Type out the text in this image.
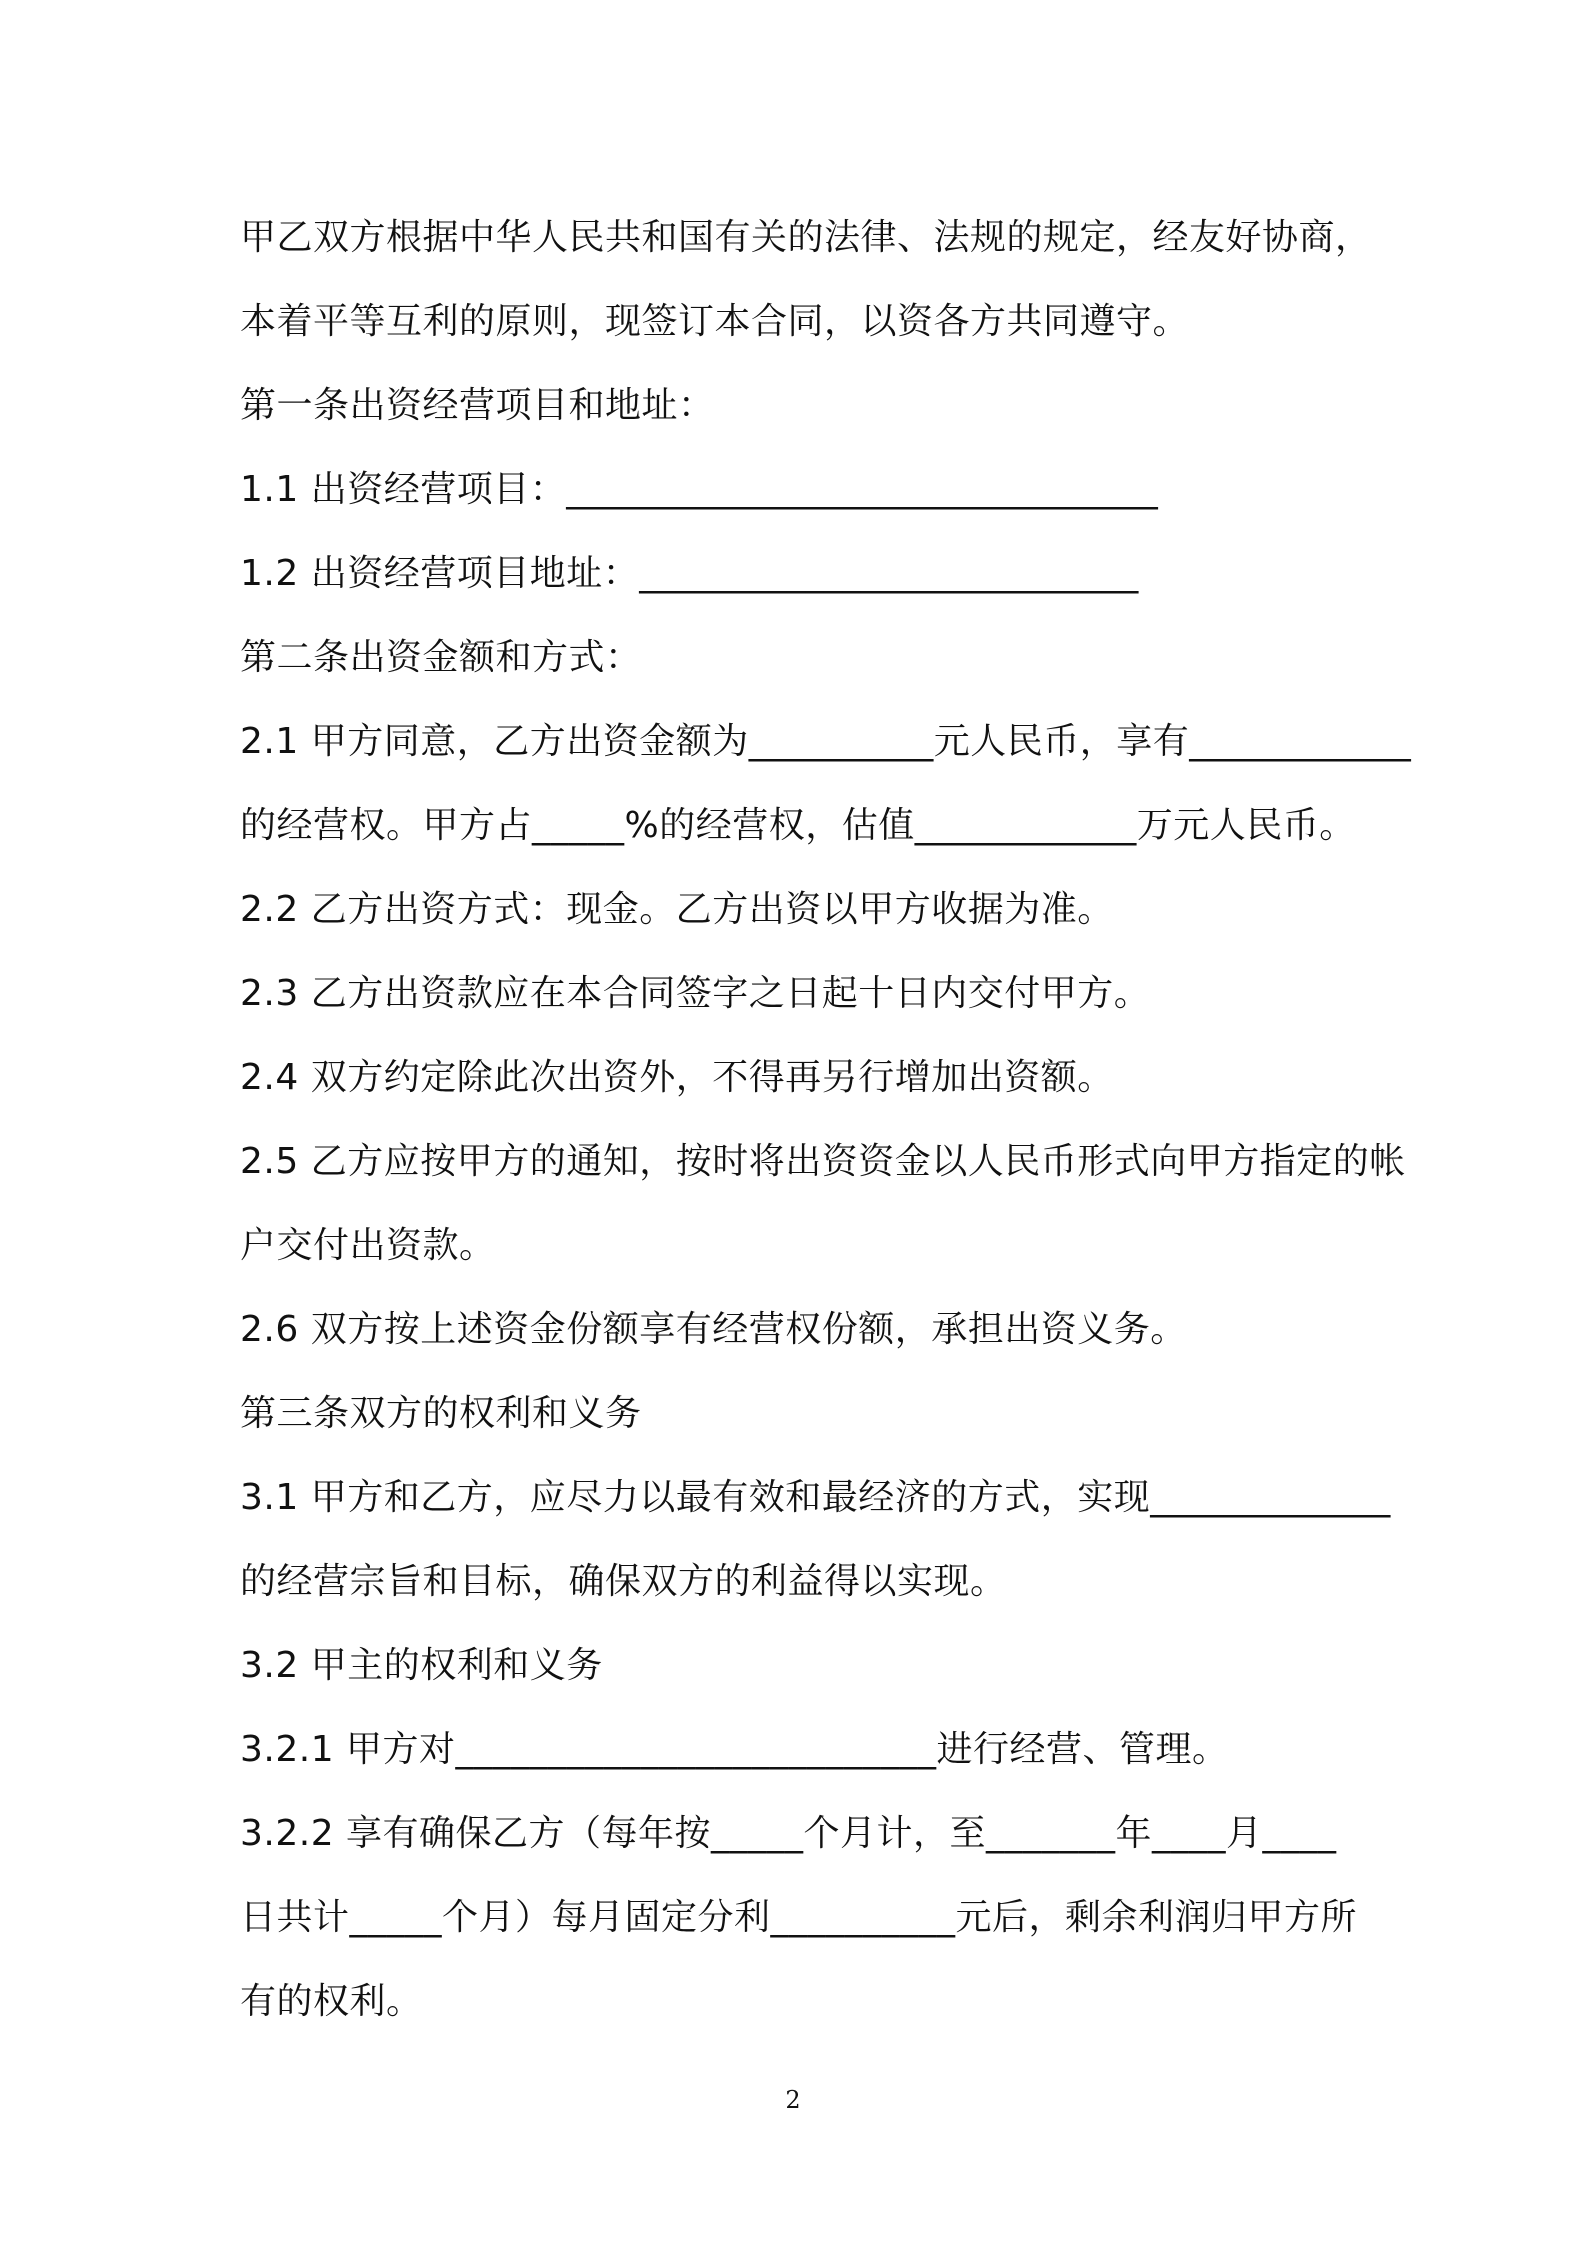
甲乙双方根据中华人民共和国有关的法律、法规的规定，经友好协商，
本着平等互利的原则，现签订本合同，以资各方共同遵守。
第一条出资经营项目和地址：
1.1 出资经营项目：________________________________
1.2 出资经营项目地址：___________________________
第二条出资金额和方式：
2.1 甲方同意，乙方出资金额为__________元人民币，享有____________
的经营权。甲方占_____%的经营权，估值____________万元人民币。
2.2 乙方出资方式：现金。乙方出资以甲方收据为准。
2.3 乙方出资款应在本合同签字之日起十日内交付甲方。
2.4 双方约定除此次出资外，不得再另行增加出资额。
2.5 乙方应按甲方的通知，按时将出资资金以人民币形式向甲方指定的帐
户交付出资款。
2.6 双方按上述资金份额享有经营权份额，承担出资义务。
第三条双方的权利和义务
3.1 甲方和乙方，应尽力以最有效和最经济的方式，实现_____________
的经营宗旨和目标，确保双方的利益得以实现。
3.2 甲主的权利和义务
3.2.1 甲方对__________________________进行经营、管理。
3.2.2 享有确保乙方（每年按_____个月计，至_______年____月____
日共计_____个月）每月固定分利__________元后，剩余利润归甲方所
有的权利。
2
